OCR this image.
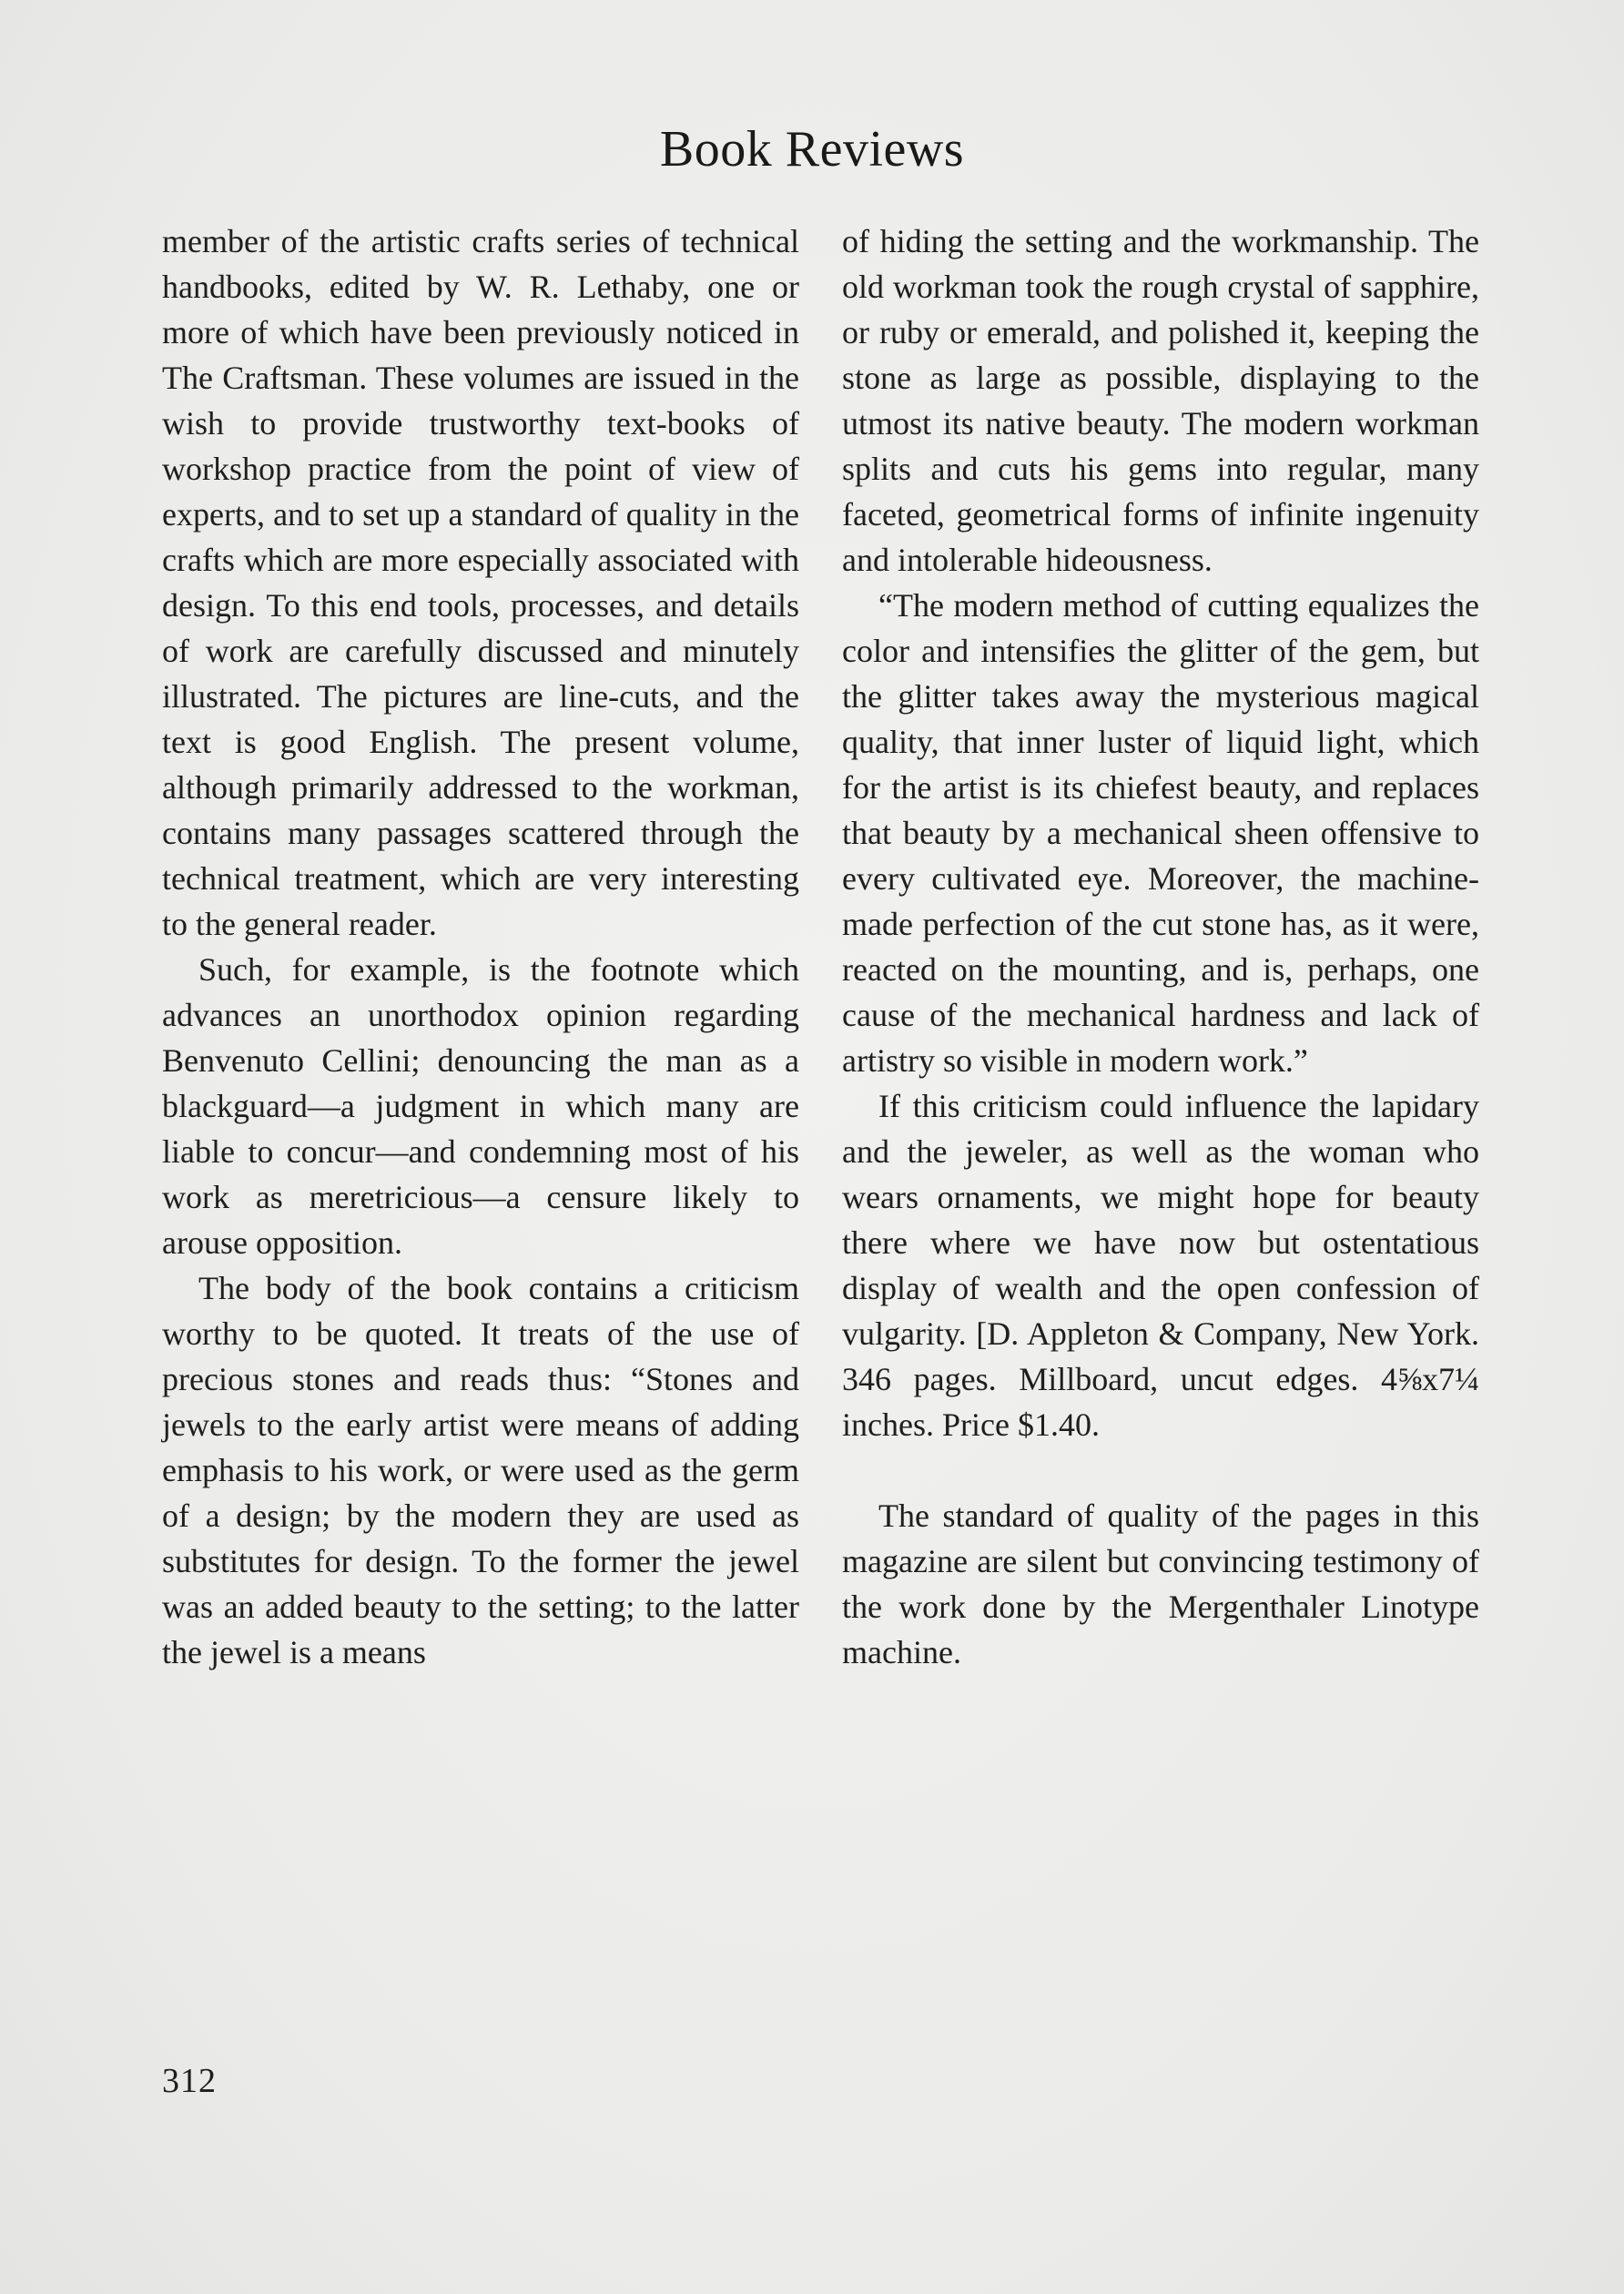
Book Reviews

member of the artistic crafts series of technical handbooks, edited by W. R. Lethaby, one or more of which have been previously noticed in The Craftsman. These volumes are issued in the wish to provide trustworthy text-books of workshop practice from the point of view of experts, and to set up a standard of quality in the crafts which are more especially associated with design. To this end tools, processes, and details of work are carefully discussed and minutely illustrated. The pictures are line-cuts, and the text is good English. The present volume, although primarily addressed to the workman, contains many passages scattered through the technical treatment, which are very interesting to the general reader.

Such, for example, is the footnote which advances an unorthodox opinion regarding Benvenuto Cellini; denouncing the man as a blackguard—a judgment in which many are liable to concur—and condemning most of his work as meretricious—a censure likely to arouse opposition.

The body of the book contains a criticism worthy to be quoted. It treats of the use of precious stones and reads thus: “Stones and jewels to the early artist were means of adding emphasis to his work, or were used as the germ of a design; by the modern they are used as substitutes for design. To the former the jewel was an added beauty to the setting; to the latter the jewel is a means

of hiding the setting and the workmanship. The old workman took the rough crystal of sapphire, or ruby or emerald, and polished it, keeping the stone as large as possible, displaying to the utmost its native beauty. The modern workman splits and cuts his gems into regular, many faceted, geometrical forms of infinite ingenuity and intolerable hideousness.

“The modern method of cutting equalizes the color and intensifies the glitter of the gem, but the glitter takes away the mysterious magical quality, that inner luster of liquid light, which for the artist is its chiefest beauty, and replaces that beauty by a mechanical sheen offensive to every cultivated eye. Moreover, the machine-made perfection of the cut stone has, as it were, reacted on the mounting, and is, perhaps, one cause of the mechanical hardness and lack of artistry so visible in modern work.”

If this criticism could influence the lapidary and the jeweler, as well as the woman who wears ornaments, we might hope for beauty there where we have now but ostentatious display of wealth and the open confession of vulgarity. [D. Appleton & Company, New York. 346 pages. Millboard, uncut edges. 4⅝x7¼ inches. Price $1.40.

The standard of quality of the pages in this magazine are silent but convincing testimony of the work done by the Mergenthaler Linotype machine.

312
